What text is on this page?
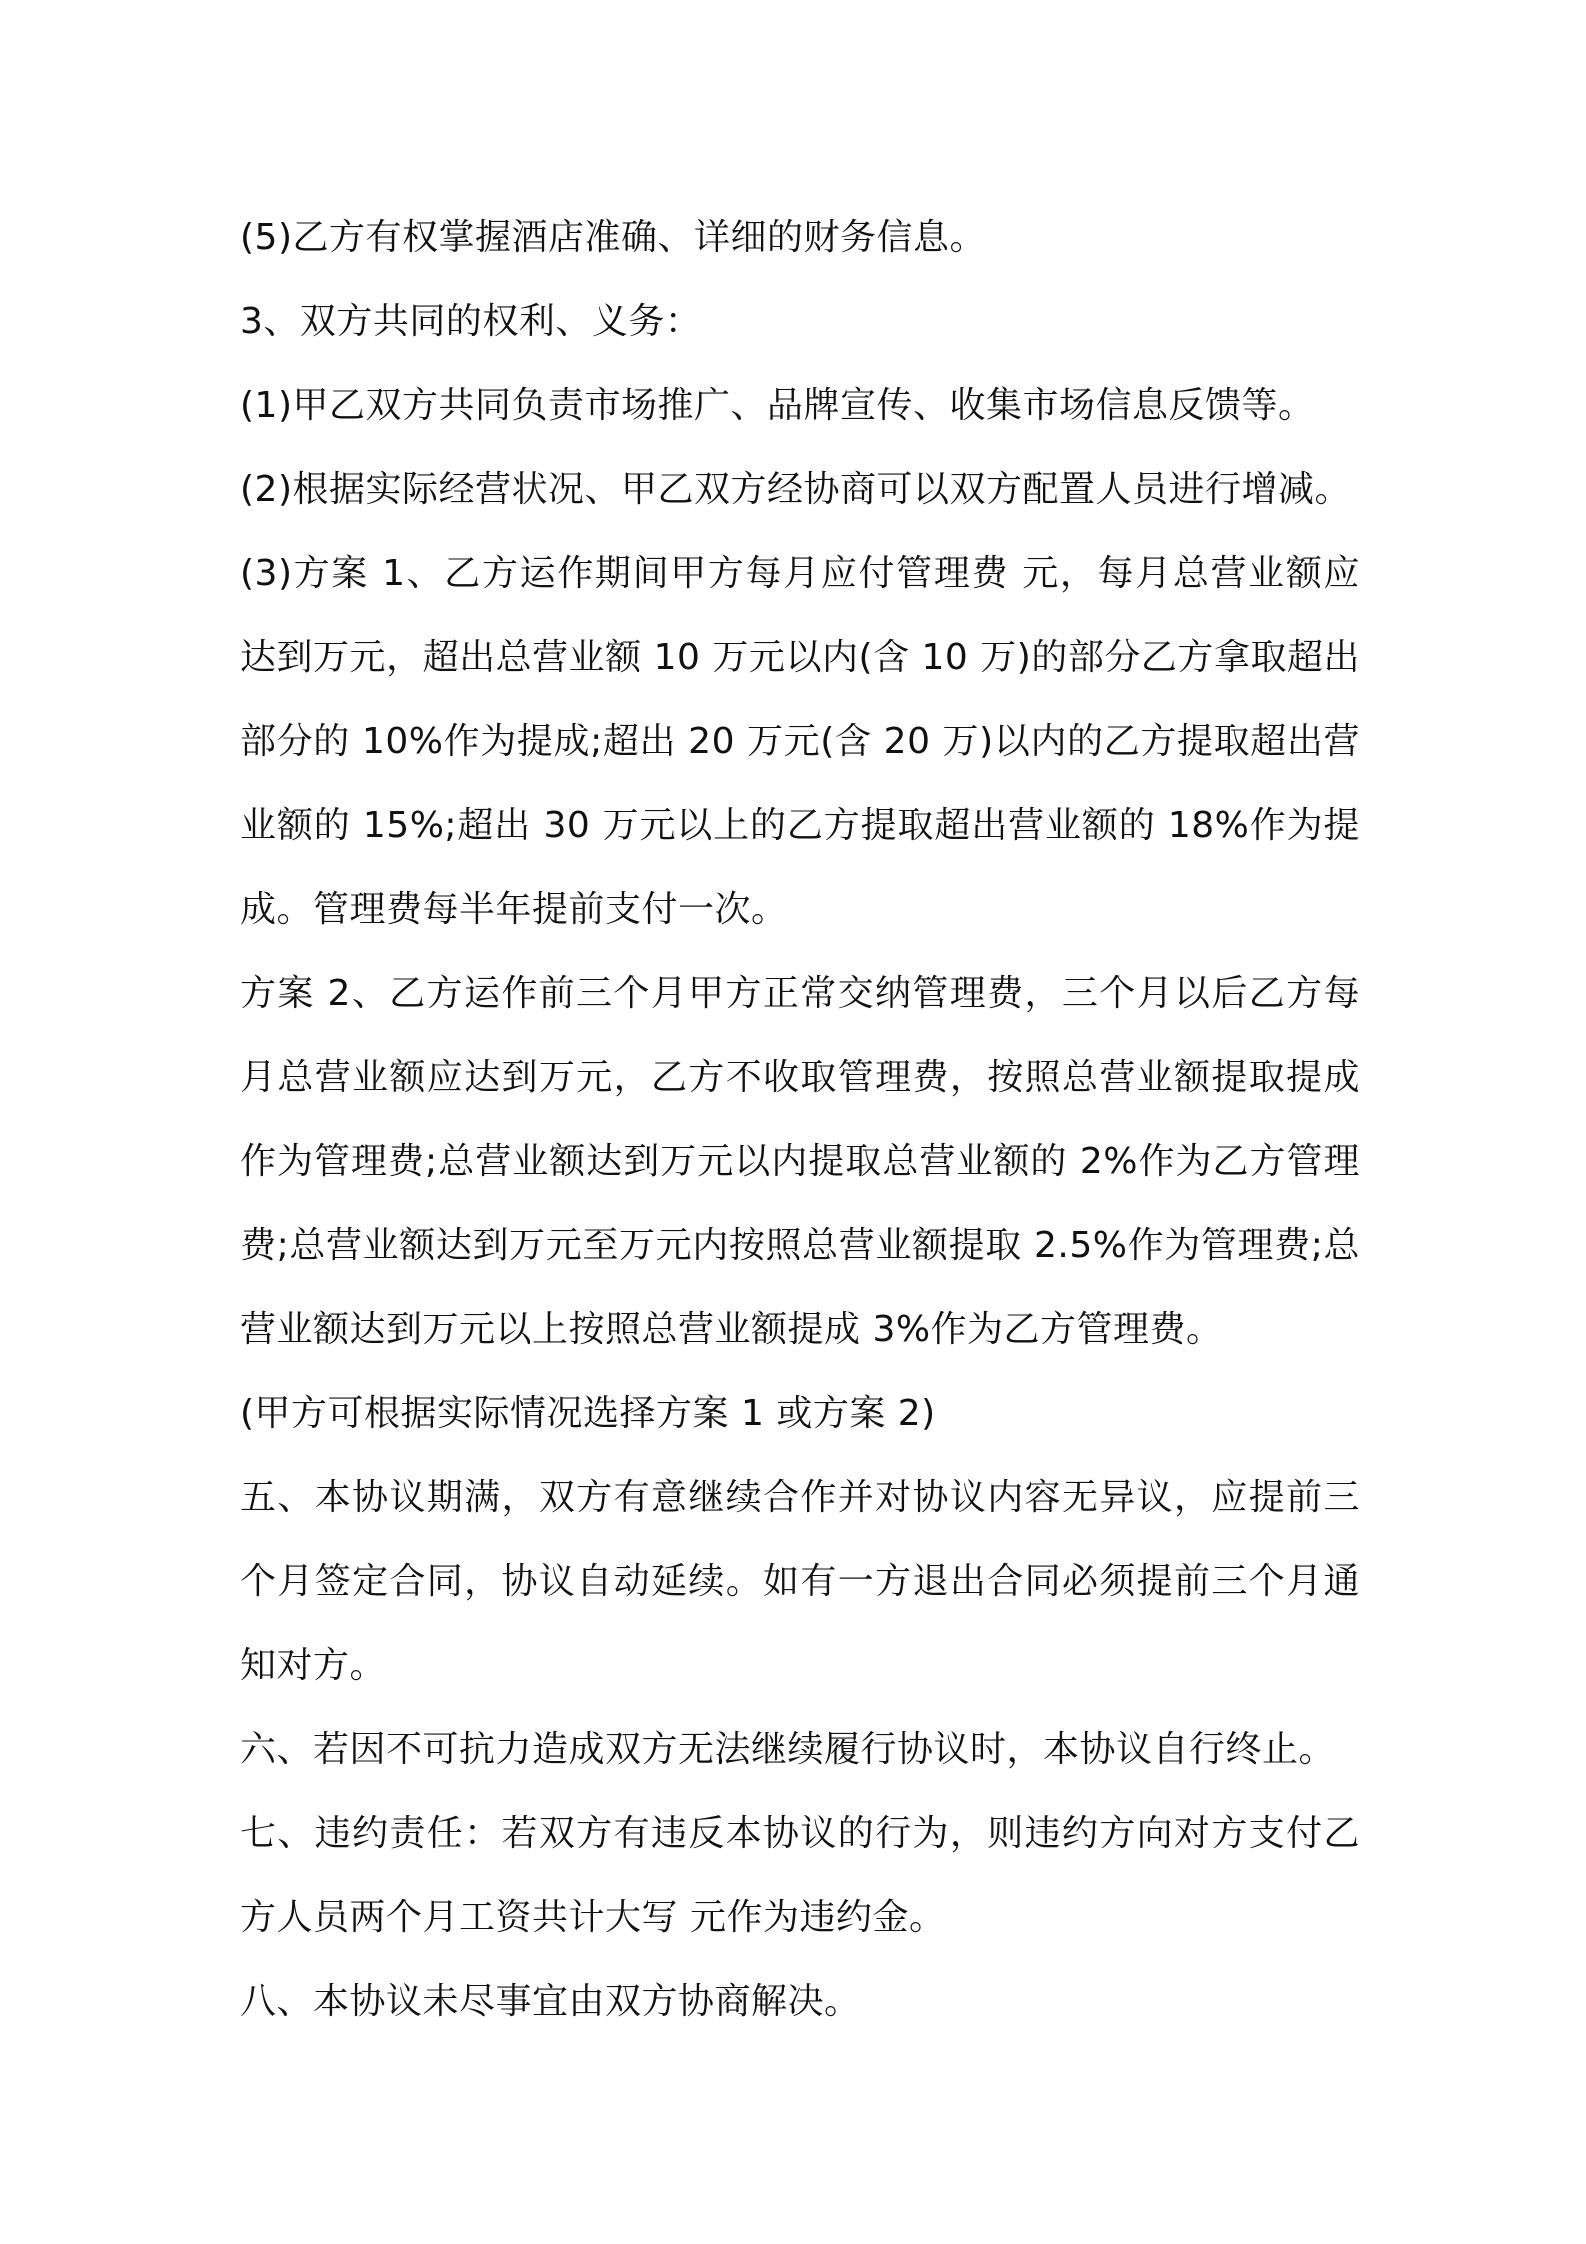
(5)乙方有权掌握酒店准确、详细的财务信息。

3、双方共同的权利、义务：

(1)甲乙双方共同负责市场推广、品牌宣传、收集市场信息反馈等。

(2)根据实际经营状况、甲乙双方经协商可以双方配置人员进行增减。

(3)方案 1、乙方运作期间甲方每月应付管理费 元，每月总营业额应达到万元，超出总营业额 10 万元以内(含 10 万)的部分乙方拿取超出部分的 10%作为提成;超出 20 万元(含 20 万)以内的乙方提取超出营业额的 15%;超出 30 万元以上的乙方提取超出营业额的 18%作为提成。管理费每半年提前支付一次。

方案 2、乙方运作前三个月甲方正常交纳管理费，三个月以后乙方每月总营业额应达到万元，乙方不收取管理费，按照总营业额提取提成作为管理费;总营业额达到万元以内提取总营业额的 2%作为乙方管理费;总营业额达到万元至万元内按照总营业额提取 2.5%作为管理费;总营业额达到万元以上按照总营业额提成 3%作为乙方管理费。

(甲方可根据实际情况选择方案 1 或方案 2)

五、本协议期满，双方有意继续合作并对协议内容无异议，应提前三个月签定合同，协议自动延续。如有一方退出合同必须提前三个月通知对方。

六、若因不可抗力造成双方无法继续履行协议时，本协议自行终止。

七、违约责任：若双方有违反本协议的行为，则违约方向对方支付乙方人员两个月工资共计大写 元作为违约金。

八、本协议未尽事宜由双方协商解决。
